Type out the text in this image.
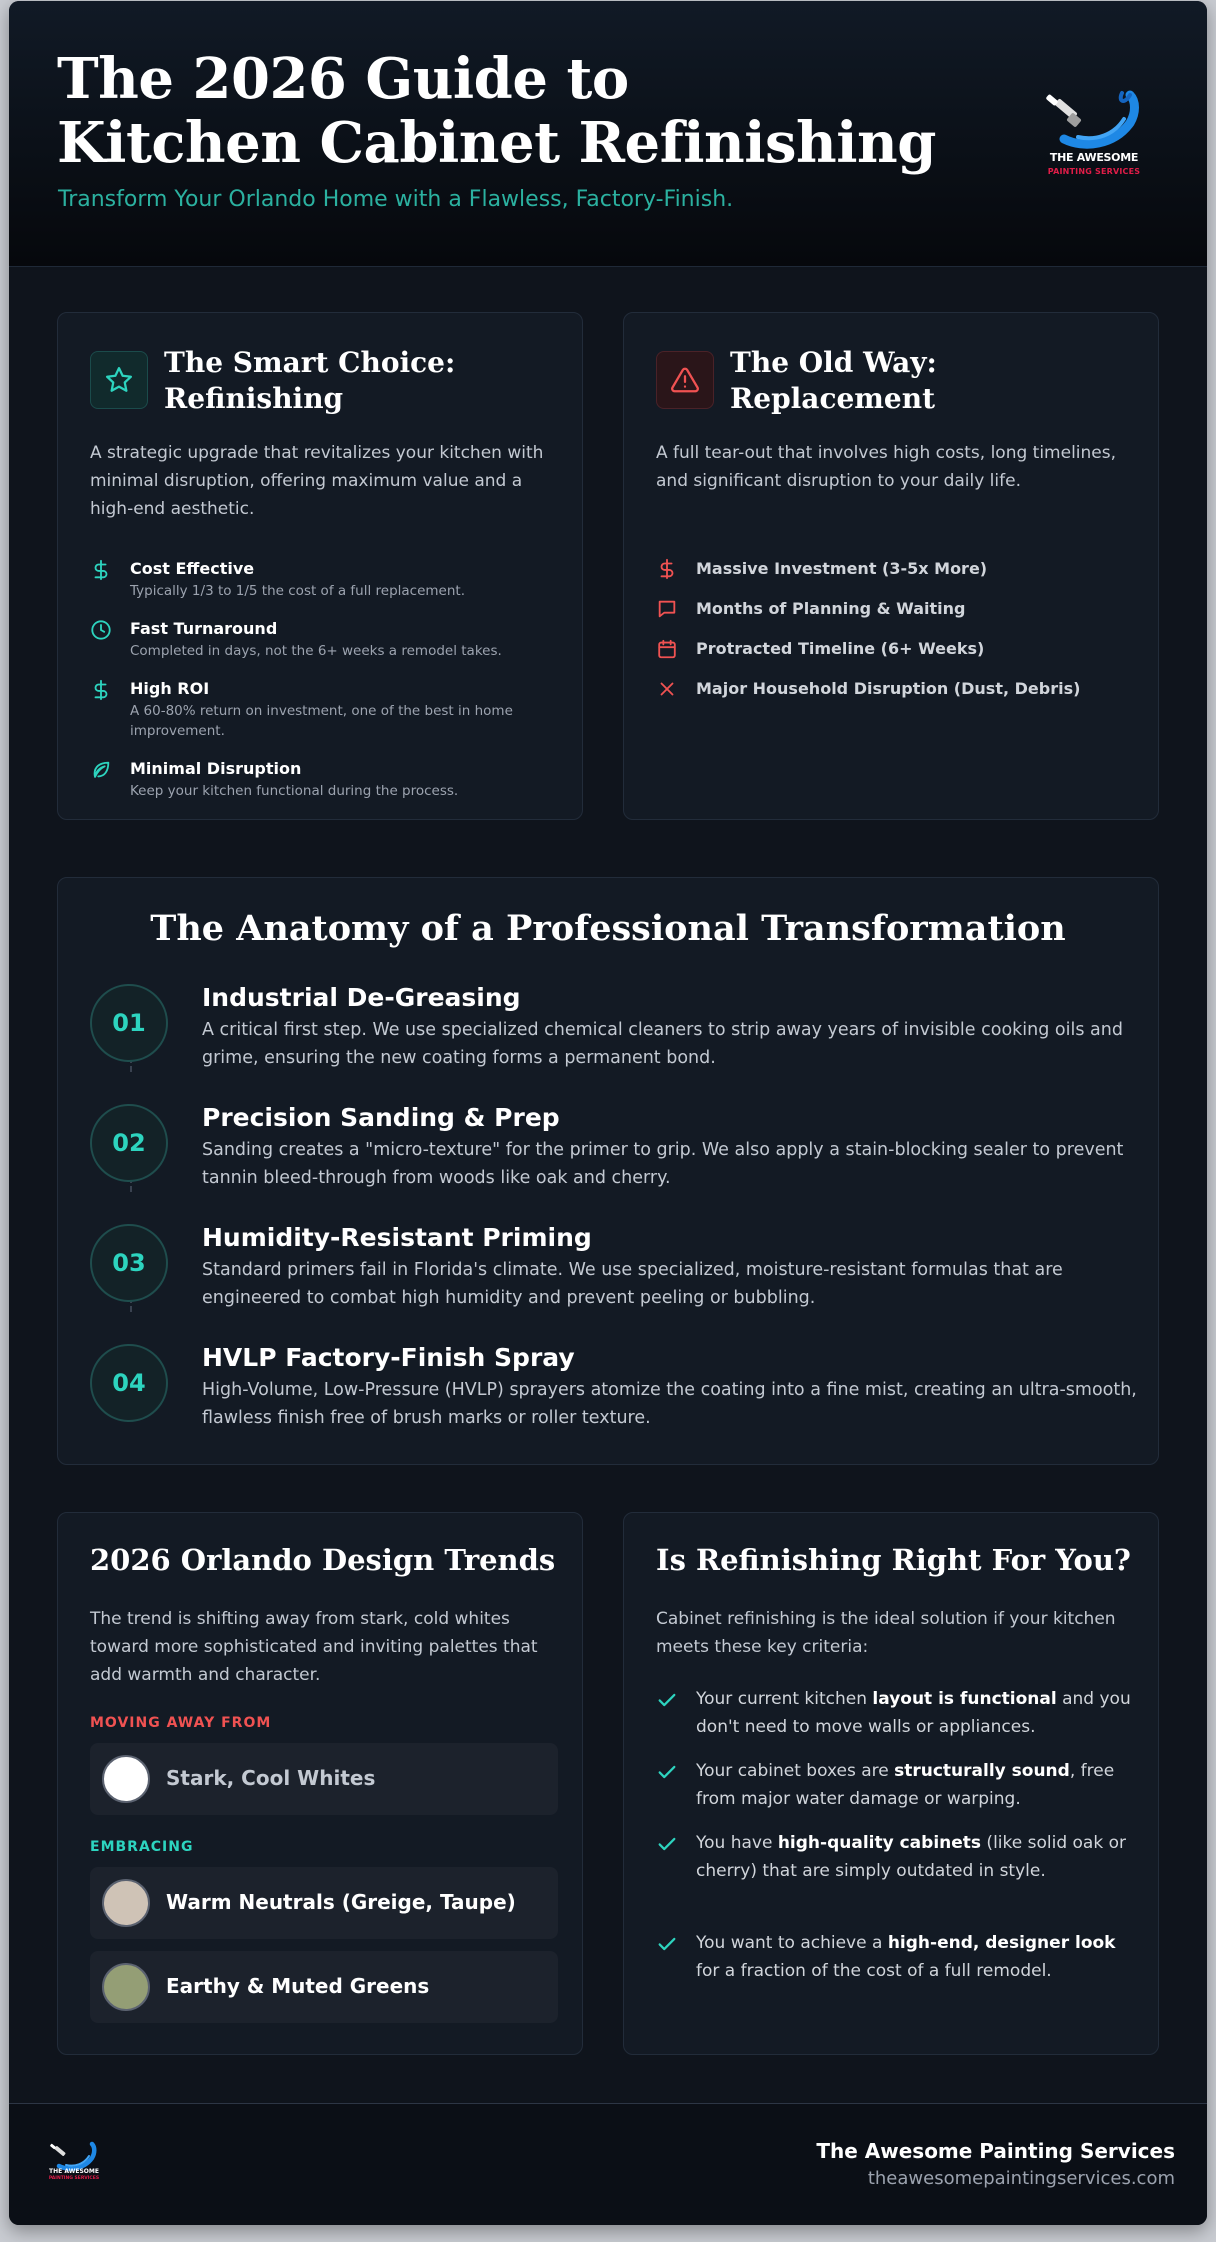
The 2026 Guide to
Kitchen Cabinet Refinishing
Transform Your Orlando Home with a Flawless, Factory-Finish.
THE AWESOME
PAINTING SERVICES
The Smart Choice:
Refinishing
A strategic upgrade that revitalizes your kitchen with minimal disruption, offering maximum value and a high-end aesthetic.
Cost Effective
Typically 1/3 to 1/5 the cost of a full replacement.
Fast Turnaround
Completed in days, not the 6+ weeks a remodel takes.
High ROI
A 60-80% return on investment, one of the best in home improvement.
Minimal Disruption
Keep your kitchen functional during the process.
The Old Way:
Replacement
A full tear-out that involves high costs, long timelines, and significant disruption to your daily life.
Massive Investment (3-5x More)
Months of Planning & Waiting
Protracted Timeline (6+ Weeks)
Major Household Disruption (Dust, Debris)
The Anatomy of a Professional Transformation
01
Industrial De-Greasing
A critical first step. We use specialized chemical cleaners to strip away years of invisible cooking oils and grime, ensuring the new coating forms a permanent bond.
02
Precision Sanding & Prep
Sanding creates a "micro-texture" for the primer to grip. We also apply a stain-blocking sealer to prevent tannin bleed-through from woods like oak and cherry.
03
Humidity-Resistant Priming
Standard primers fail in Florida's climate. We use specialized, moisture-resistant formulas that are engineered to combat high humidity and prevent peeling or bubbling.
04
HVLP Factory-Finish Spray
High-Volume, Low-Pressure (HVLP) sprayers atomize the coating into a fine mist, creating an ultra-smooth, flawless finish free of brush marks or roller texture.
2026 Orlando Design Trends
The trend is shifting away from stark, cold whites toward more sophisticated and inviting palettes that add warmth and character.
MOVING AWAY FROM
Stark, Cool Whites
EMBRACING
Warm Neutrals (Greige, Taupe)
Earthy & Muted Greens
Is Refinishing Right For You?
Cabinet refinishing is the ideal solution if your kitchen meets these key criteria:
Your current kitchen layout is functional and you don't need to move walls or appliances.
Your cabinet boxes are structurally sound, free from major water damage or warping.
You have high-quality cabinets (like solid oak or cherry) that are simply outdated in style.
You want to achieve a high-end, designer look for a fraction of the cost of a full remodel.
THE AWESOME
PAINTING SERVICES
The Awesome Painting Services
theawesomepaintingservices.com
